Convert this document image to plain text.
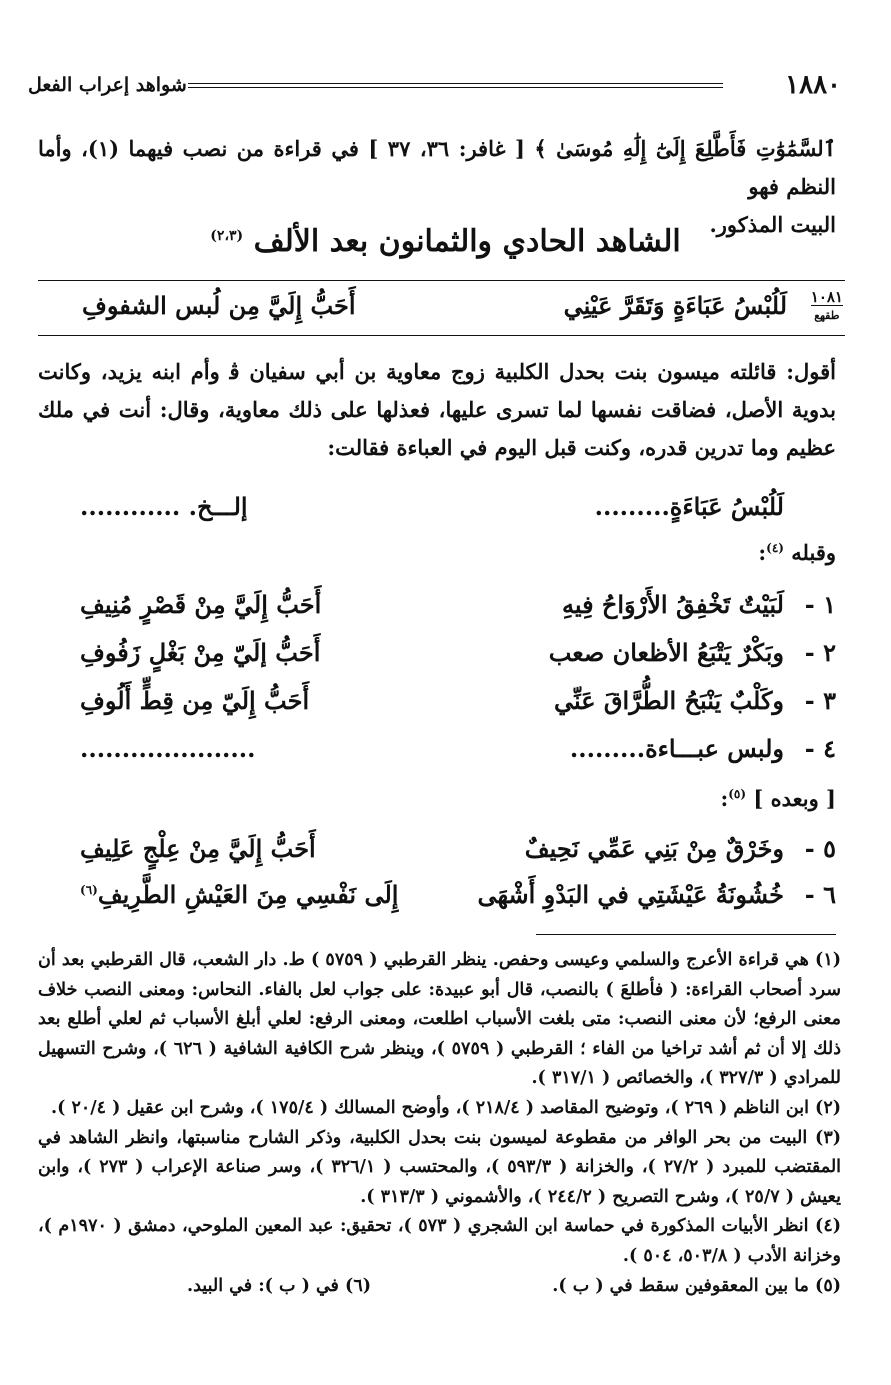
١٨٨٠
شواهد إعراب الفعل
ٱلسَّمَٰوَٰتِ فَأَطَّلِعَ إِلَىٰٓ إِلَٰهِ مُوسَىٰ ﴾ [ غافر: ٣٦، ٣٧ ] في قراءة من نصب فيهما (١)، وأما النظم فهو
البيت المذكور.
الشاهد الحادي والثمانون بعد الألف $^{(٢،٣)}$
١٠٨١
طقهع
لَلُبْسُ عَبَاءَةٍ وَتَقَرَّ عَيْنِي
أَحَبُّ إِلَيَّ مِن لُبس الشفوفِ
أقول: قائلته ميسون بنت بحدل الكلبية زوج معاوية بن أبي سفيان ﭬ وأم ابنه يزيد، وكانت بدوية الأصل، فضاقت نفسها لما تسرى عليها، فعذلها على ذلك معاوية، وقال: أنت في ملك عظيم وما تدرين قدره، وكنت قبل اليوم في العباءة فقالت:
لَلُبْسُ عَبَاءَةٍ.........
إلـــخ. ............
وقبله $^{(٤)}$:
١ -
لَبَيْتٌ تَخْفِقُ الأَرْوَاحُ فِيهِ
أَحَبُّ إِلَيَّ مِنْ قَصْرٍ مُنِيفِ
٢ -
وبَكْرٌ يَتْبَعُ الأظعان صعب
أَحَبُّ إلَيّ مِنْ بَغْلٍ زَفُوفِ
٣ -
وكَلْبٌ يَنْبَحُ الطُّرَّاقَ عَنِّي
أَحَبُّ إِلَيّ مِن قِطٍّ أَلُوفِ
٤ -
ولبس عبـــاءة.........
.....................
[ وبعده ] $^{(٥)}$:
٥ -
وخَرْقٌ مِنْ بَنِي عَمِّي نَحِيفٌ
أَحَبُّ إِلَيَّ مِنْ عِلْجٍ عَلِيفِ
٦ -
خُشُونَةُ عَيْشَتِي في البَدْوِ أَشْهَى
إِلَى نَفْسِي مِنَ العَيْشِ الطَّرِيفِ$^{(٦)}$

(١) هي قراءة الأعرج والسلمي وعيسى وحفص. ينظر القرطبي ( ٥٧٥٩ ) ط. دار الشعب، قال القرطبي بعد أن سرد أصحاب القراءة: ( فأطلعَ ) بالنصب، قال أبو عبيدة: على جواب لعل بالفاء. النحاس: ومعنى النصب خلاف معنى الرفع؛ لأن معنى النصب: متى بلغت الأسباب اطلعت، ومعنى الرفع: لعلي أبلغ الأسباب ثم لعلي أطلع بعد ذلك إلا أن ثم أشد تراخيا من الفاء ؛ القرطبي ( ٥٧٥٩ )، وينظر شرح الكافية الشافية ( ٦٢٦ )، وشرح التسهيل للمرادي ( ٣٢٧/٣ )، والخصائص ( ٣١٧/١ ).

(٢) ابن الناظم ( ٢٦٩ )، وتوضيح المقاصد ( ٢١٨/٤ )، وأوضح المسالك ( ١٧٥/٤ )، وشرح ابن عقيل ( ٢٠/٤ ).

(٣) البيت من بحر الوافر من مقطوعة لميسون بنت بحدل الكلبية، وذكر الشارح مناسبتها، وانظر الشاهد في المقتضب للمبرد ( ٢٧/٢ )، والخزانة ( ٥٩٣/٣ )، والمحتسب ( ٣٢٦/١ )، وسر صناعة الإعراب ( ٢٧٣ )، وابن يعيش ( ٢٥/٧ )، وشرح التصريح ( ٢٤٤/٢ )، والأشموني ( ٣١٣/٣ ).

(٤) انظر الأبيات المذكورة في حماسة ابن الشجري ( ٥٧٣ )، تحقيق: عبد المعين الملوحي، دمشق ( ١٩٧٠م )، وخزانة الأدب ( ٥٠٣/٨، ٥٠٤ ).

(٥) ما بين المعقوفين سقط في ( ب ).
(٦) في ( ب ): في البيد.
